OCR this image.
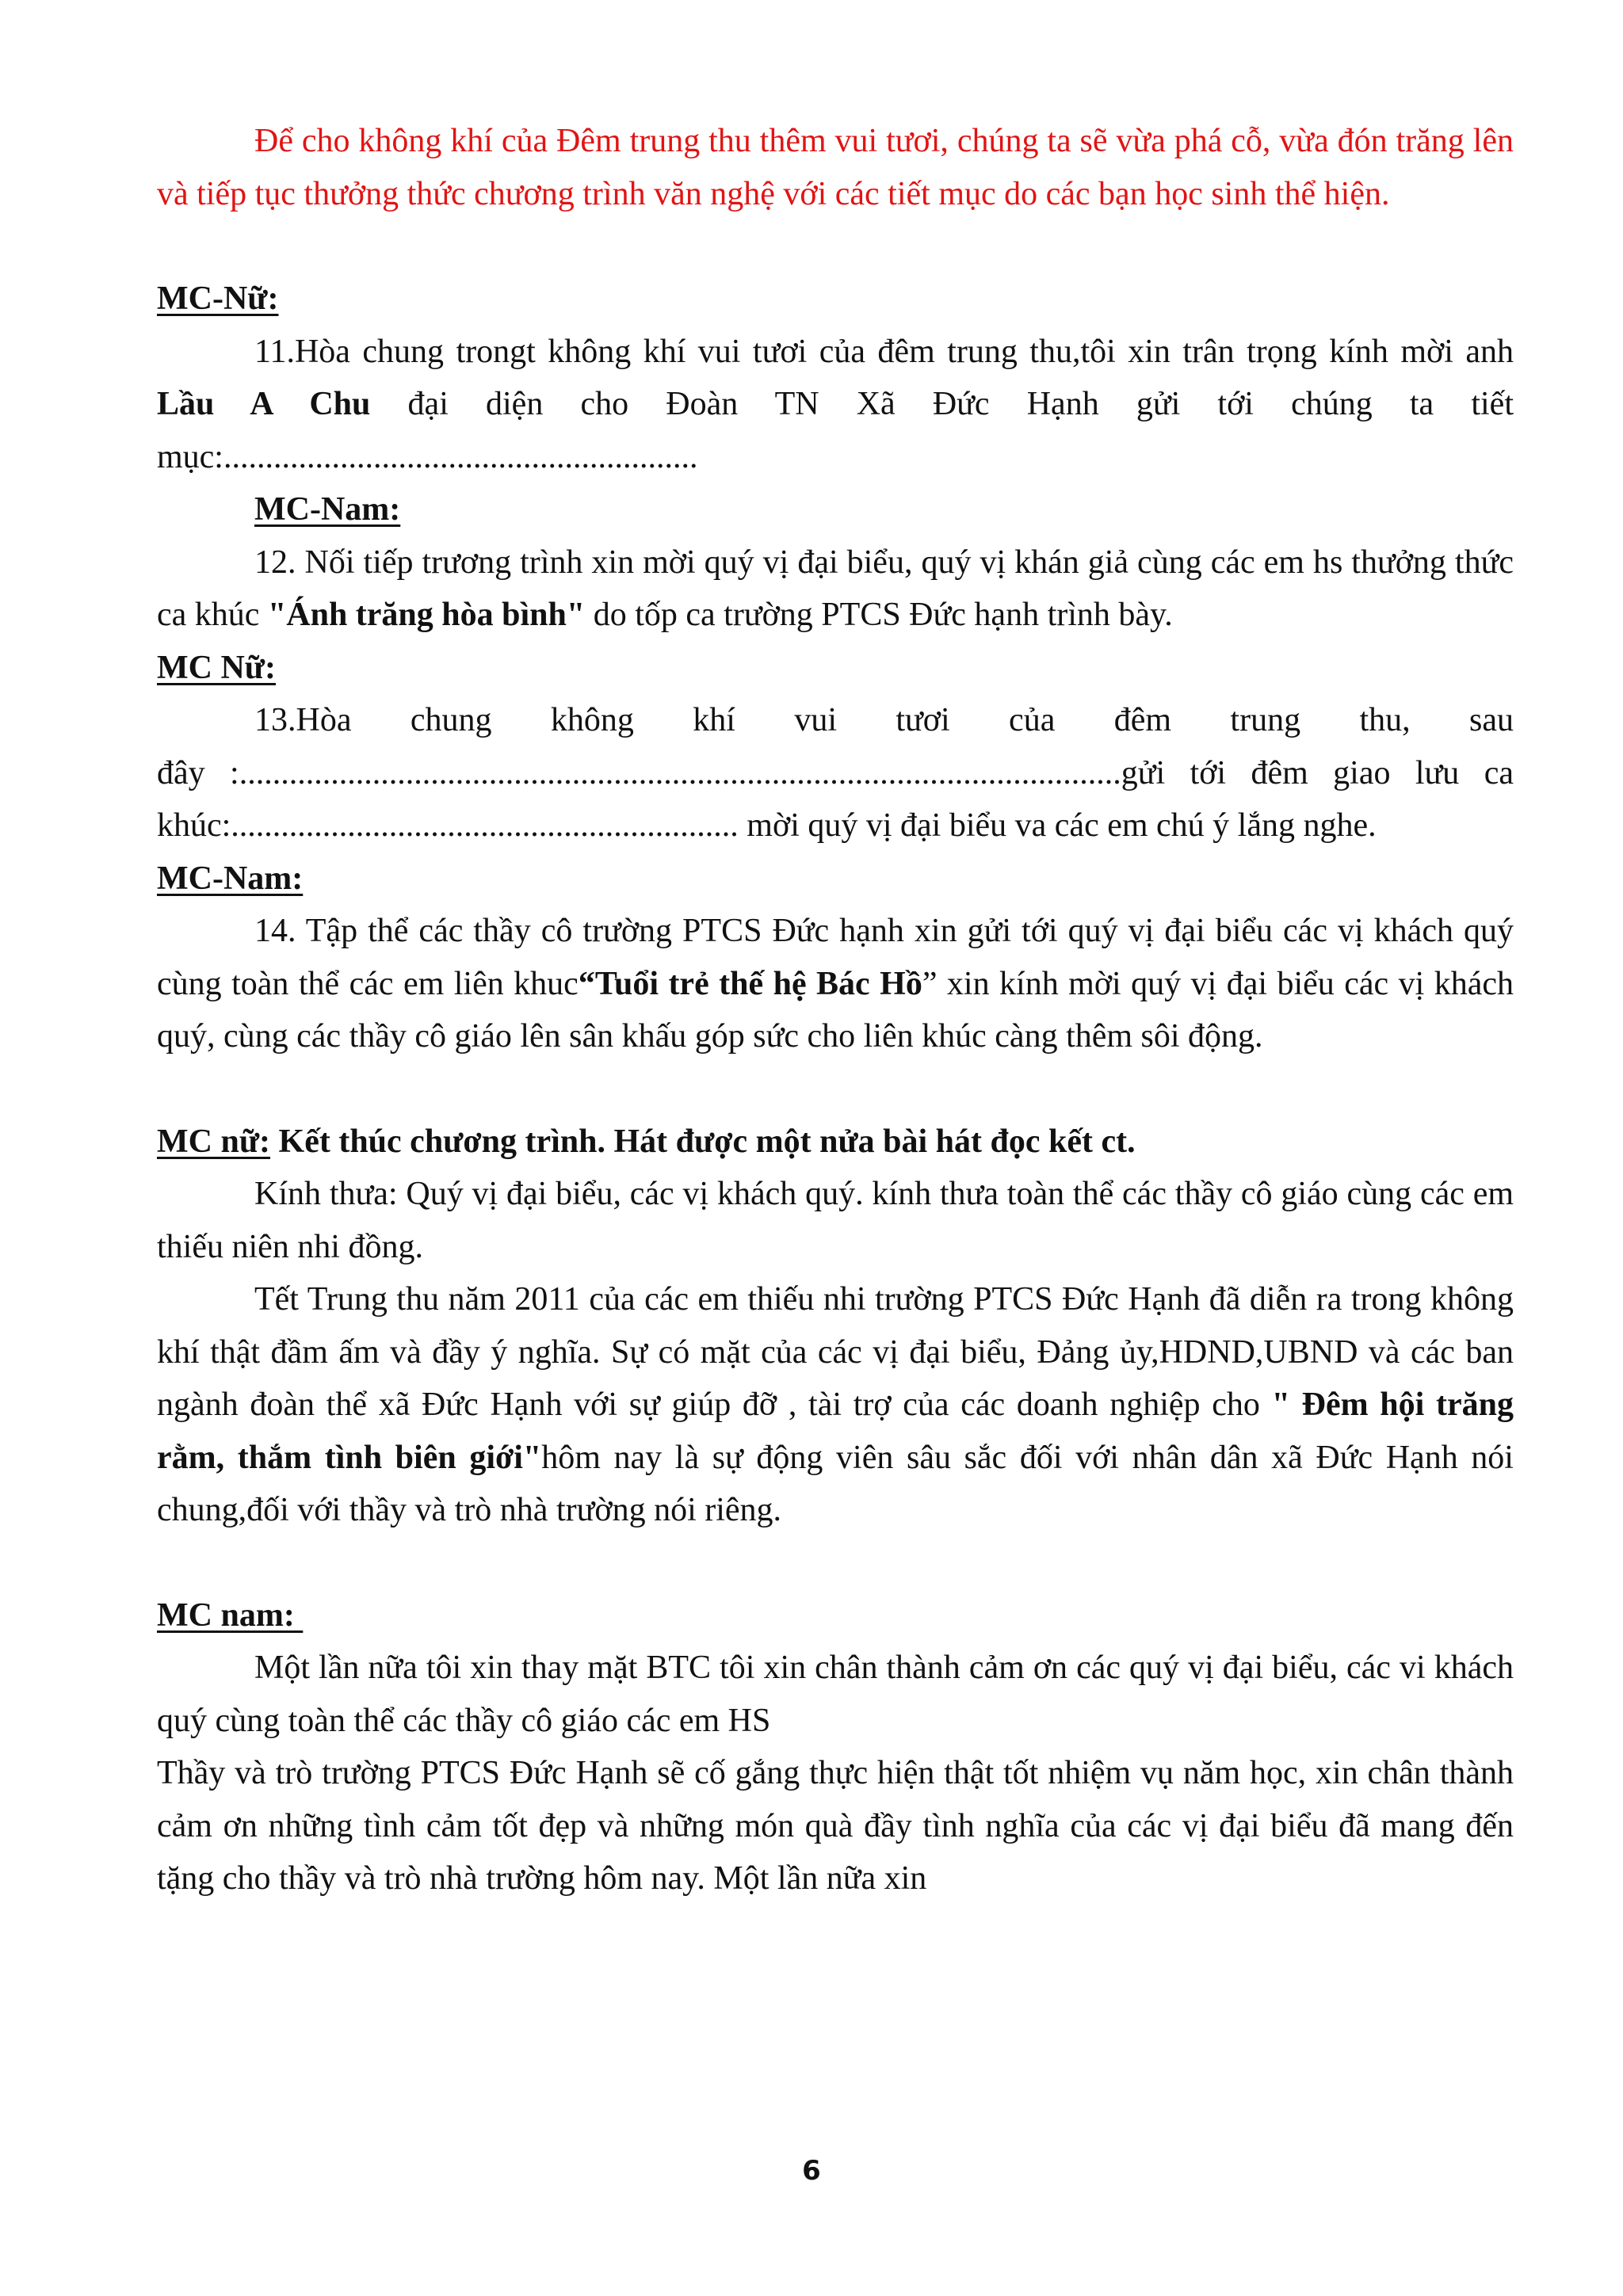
Để cho không khí của Đêm trung thu thêm vui tươi, chúng ta sẽ vừa phá cỗ, vừa đón trăng lên và tiếp tục thưởng thức chương trình văn nghệ với các tiết mục do các bạn học sinh thể hiện.

MC-Nữ:

11.Hòa chung trongt không khí vui tươi của đêm trung thu,tôi xin trân trọng kính mời anh Lầu A Chu đại diện cho Đoàn TN Xã Đức Hạnh gửi tới chúng ta tiết mục:.........................................................

MC-Nam:

12. Nối tiếp trương trình xin mời quý vị đại biểu, quý vị khán giả cùng các em hs thưởng thức ca khúc "Ánh trăng hòa bình" do tốp ca trường PTCS Đức hạnh trình bày.

MC Nữ:

13.Hòa chung không khí vui tươi của đêm trung thu, sau

đây :..........................................................................................................gửi tới đêm giao lưu ca khúc:............................................................. mời quý vị đại biểu va các em chú ý lắng nghe.

MC-Nam:

14. Tập thể các thầy cô trường PTCS Đức hạnh xin gửi tới quý vị đại biểu các vị khách quý cùng toàn thể các em liên khuc“Tuổi trẻ thế hệ Bác Hồ” xin kính mời quý vị đại biểu các vị khách quý, cùng các thầy cô giáo lên sân khấu góp sức cho liên khúc càng thêm sôi động.

MC nữ: Kết thúc chương trình. Hát được một nửa bài hát đọc kết ct.

Kính thưa: Quý vị đại biểu, các vị khách quý. kính thưa toàn thể các thầy cô giáo cùng các em thiếu niên nhi đồng.

Tết Trung thu năm 2011 của các em thiếu nhi trường PTCS Đức Hạnh đã diễn ra trong không khí thật đầm ấm và đầy ý nghĩa. Sự có mặt của các vị đại biểu, Đảng ủy,HDND,UBND và các ban ngành đoàn thể xã Đức Hạnh với sự giúp đỡ , tài trợ của các doanh nghiệp cho " Đêm hội trăng rằm, thắm tình biên giới"hôm nay là sự động viên sâu sắc đối với nhân dân xã Đức Hạnh nói chung,đối với thầy và trò nhà trường nói riêng.

MC nam:

Một lần nữa tôi xin thay mặt BTC tôi xin chân thành cảm ơn các quý vị đại biểu, các vi khách quý cùng toàn thể các thầy cô giáo các em HS

Thầy và trò trường PTCS Đức Hạnh sẽ cố gắng thực hiện thật tốt nhiệm vụ năm học, xin chân thành cảm ơn những tình cảm tốt đẹp và những món quà đầy tình nghĩa của các vị đại biểu đã mang đến tặng cho thầy và trò nhà trường hôm nay. Một lần nữa xin

6
